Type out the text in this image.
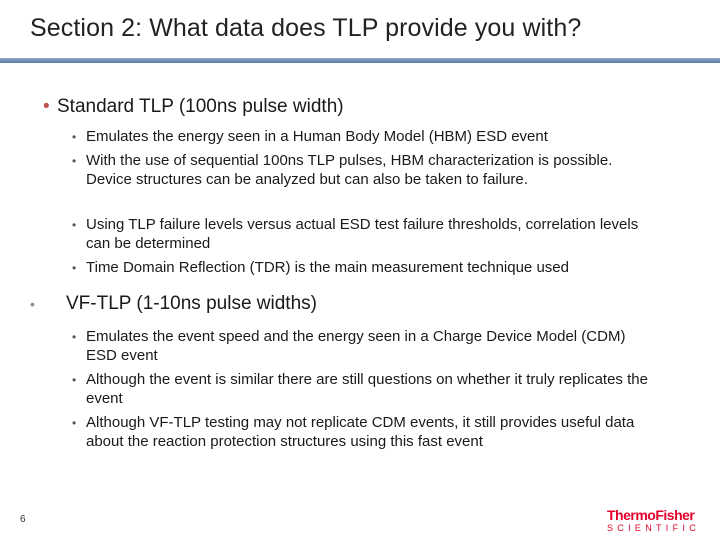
Section 2: What data does TLP provide you with?
• Standard TLP (100ns pulse width)
• Emulates the energy seen in a Human Body Model (HBM) ESD event
• With the use of sequential 100ns TLP pulses, HBM characterization is possible. Device structures can be analyzed but can also be taken to failure.
• Using TLP failure levels versus actual ESD test failure thresholds, correlation levels can be determined
• Time Domain Reflection (TDR) is the main measurement technique used
• VF-TLP (1-10ns pulse widths)
• Emulates the event speed and the energy seen in a Charge Device Model (CDM) ESD event
• Although the event is similar there are still questions on whether it truly replicates the event
• Although VF-TLP testing may not replicate CDM events, it still provides useful data about the reaction protection structures using this fast event
6	ThermoFisher
SCIENTIFIC
